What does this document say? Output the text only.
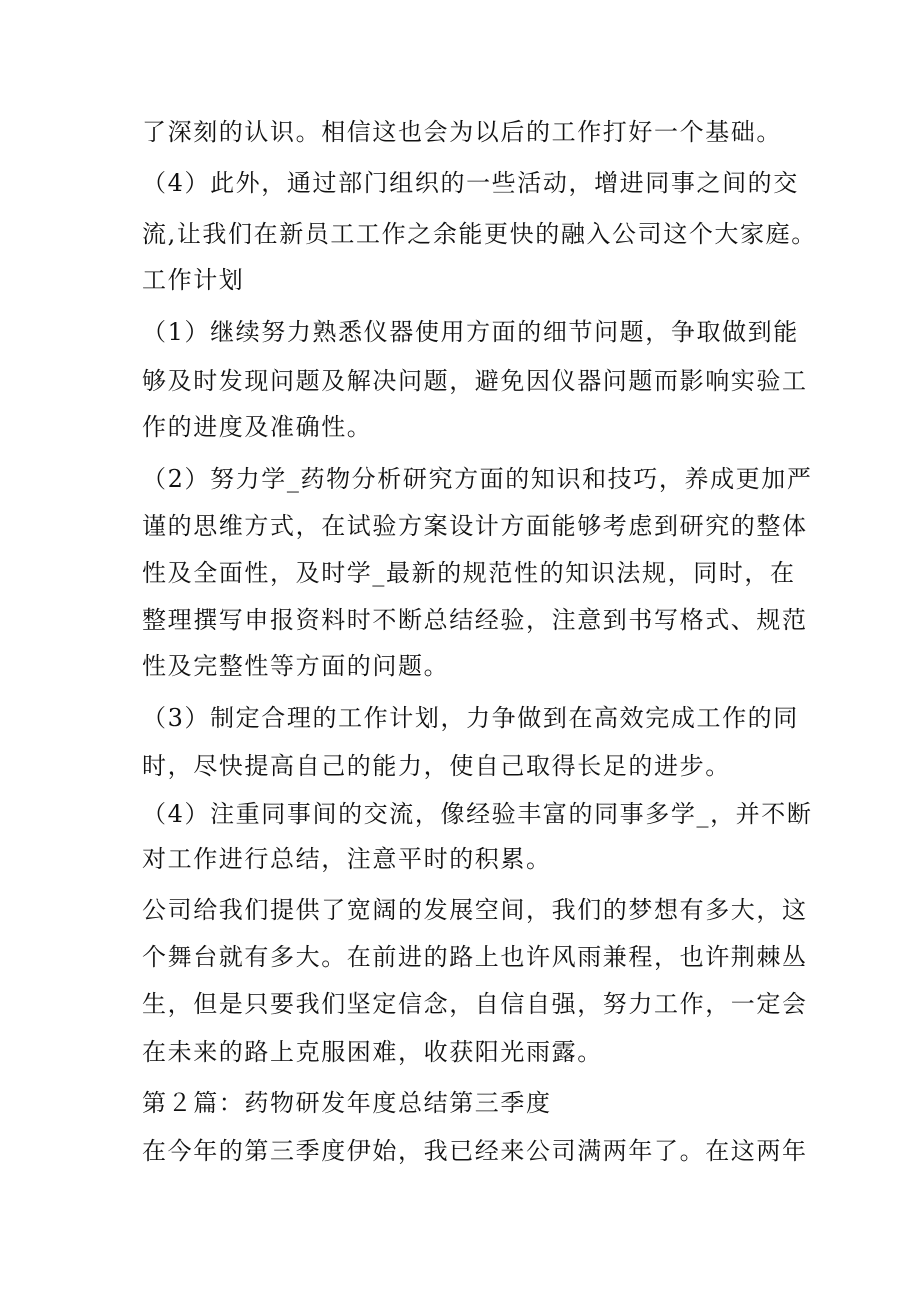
了深刻的认识。相信这也会为以后的工作打好一个基础。
（4）此外，通过部门组织的一些活动，增进同事之间的交
流,让我们在新员工工作之余能更快的融入公司这个大家庭。
工作计划
（1）继续努力熟悉仪器使用方面的细节问题，争取做到能
够及时发现问题及解决问题，避免因仪器问题而影响实验工
作的进度及准确性。
（2）努力学_药物分析研究方面的知识和技巧，养成更加严
谨的思维方式，在试验方案设计方面能够考虑到研究的整体
性及全面性，及时学_最新的规范性的知识法规，同时，在
整理撰写申报资料时不断总结经验，注意到书写格式、规范
性及完整性等方面的问题。
（3）制定合理的工作计划，力争做到在高效完成工作的同
时，尽快提高自己的能力，使自己取得长足的进步。
（4）注重同事间的交流，像经验丰富的同事多学_，并不断
对工作进行总结，注意平时的积累。
公司给我们提供了宽阔的发展空间，我们的梦想有多大，这
个舞台就有多大。在前进的路上也许风雨兼程，也许荆棘丛
生，但是只要我们坚定信念，自信自强，努力工作，一定会
在未来的路上克服困难，收获阳光雨露。
第２篇：药物研发年度总结第三季度
在今年的第三季度伊始，我已经来公司满两年了。在这两年
